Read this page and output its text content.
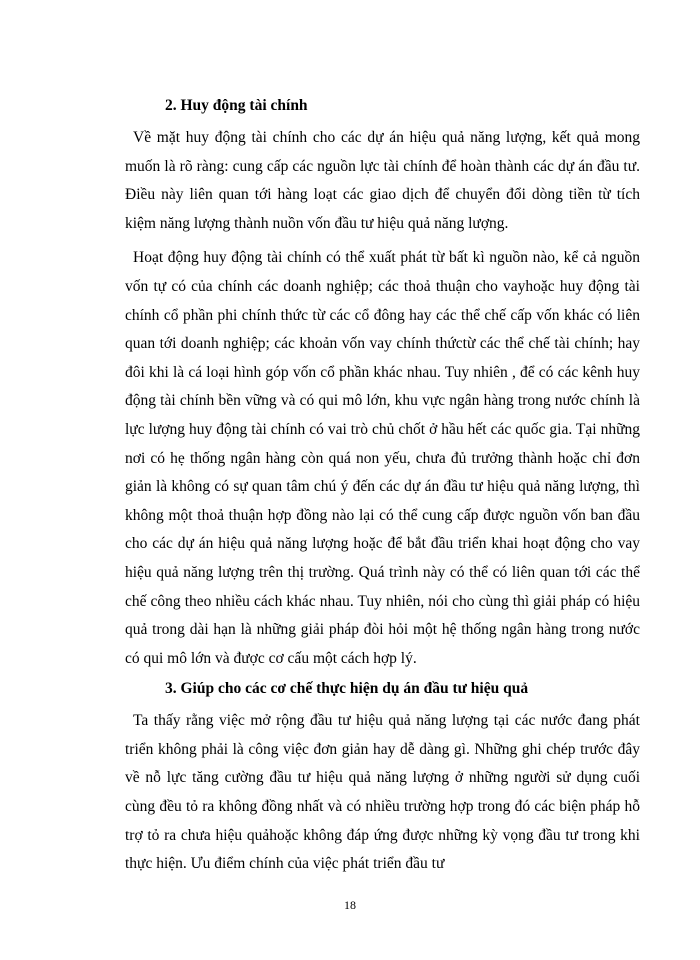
2. Huy động tài chính

Về mặt huy động tài chính cho các dự án hiệu quả năng lượng, kết quả mong muốn là rõ ràng: cung cấp các nguồn lực tài chính để hoàn thành các dự án đầu tư. Điều này liên quan tới hàng loạt các giao dịch để chuyển đổi dòng tiền từ tích kiệm năng lượng thành nuồn vốn đầu tư hiệu quả năng lượng.

Hoạt động huy động tài chính có thể xuất phát từ bất kì nguồn nào, kể cả nguồn vốn tự có của chính các doanh nghiệp; các thoả thuận cho vayhoặc huy động tài chính cổ phần phi chính thức từ các cổ đông hay các thể chế cấp vốn khác có liên quan tới doanh nghiệp; các khoản vốn vay chính thứctừ các thể chế tài chính; hay đôi khi là cá loại hình góp vốn cổ phần khác nhau. Tuy nhiên , để có các kênh huy động tài chính bền vững và có qui mô lớn, khu vực ngân hàng trong nước chính là lực lượng huy động tài chính có vai trò chủ chốt ở hầu hết các quốc gia. Tại những nơi có hẹ thống ngân hàng còn quá non yếu, chưa đủ trưởng thành hoặc chỉ đơn giản là không có sự quan tâm chú ý đến các dự án đầu tư hiệu quả năng lượng, thì không một thoả thuận hợp đồng nào lại có thể cung cấp được nguồn vốn ban đầu cho các dự án hiệu quả năng lượng hoặc để bắt đầu triển khai hoạt động cho vay hiệu quả năng lượng trên thị trường. Quá trình này có thể có liên quan tới các thể chế công theo nhiều cách khác nhau. Tuy nhiên, nói cho cùng thì giải pháp có hiệu quả trong dài hạn là những giải pháp đòi hỏi một hệ thống ngân hàng trong nước có qui mô lớn và được cơ cấu một cách hợp lý.

3. Giúp cho các cơ chế thực hiện dụ án đầu tư hiệu quả

Ta thấy rằng việc mở rộng đầu tư hiệu quả năng lượng tại các nước đang phát triển không phải là công việc đơn giản hay dễ dàng gì. Những ghi chép trước đây về nỗ lực tăng cường đầu tư hiệu quả năng lượng ở những người sử dụng cuối cùng đều tỏ ra không đồng nhất và có nhiều trường hợp trong đó các biện pháp hỗ trợ tỏ ra chưa hiệu quảhoặc không đáp ứng được những kỳ vọng đầu tư trong khi thực hiện. Ưu điểm chính của việc phát triển đầu tư

18
